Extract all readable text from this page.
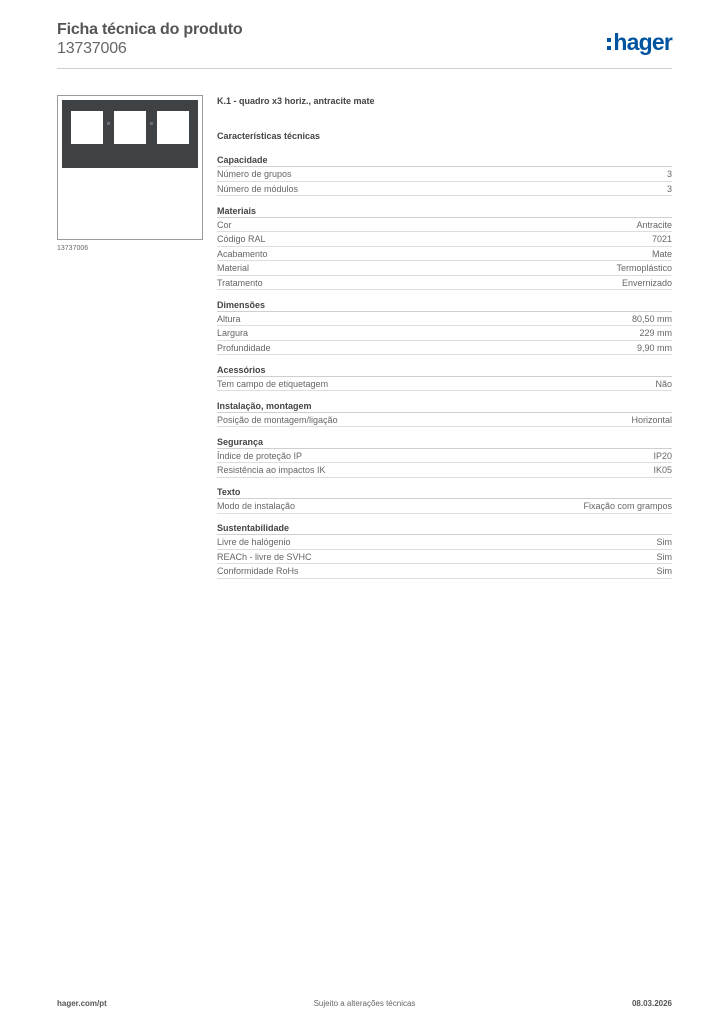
Ficha técnica do produto
13737006	hager
13737006
K.1 - quadro x3 horiz., antracite mate
Características técnicas
Capacidade
Número de grupos	3
Número de módulos	3
Materiais
Cor	Antracite
Código RAL	7021
Acabamento	Mate
Material	Termoplástico
Tratamento	Envernizado
Dimensões
Altura	80,50 mm
Largura	229 mm
Profundidade	9,90 mm
Acessórios
Tem campo de etiquetagem	Não
Instalação, montagem
Posição de montagem/ligação	Horizontal
Segurança
Índice de proteção IP	IP20
Resistência ao impactos IK	IK05
Texto
Modo de instalação	Fixação com grampos
Sustentabilidade
Livre de halógenio	Sim
REACh - livre de SVHC	Sim
Conformidade RoHs	Sim
hager.com/pt	Sujeito a alterações técnicas	08.03.2026
